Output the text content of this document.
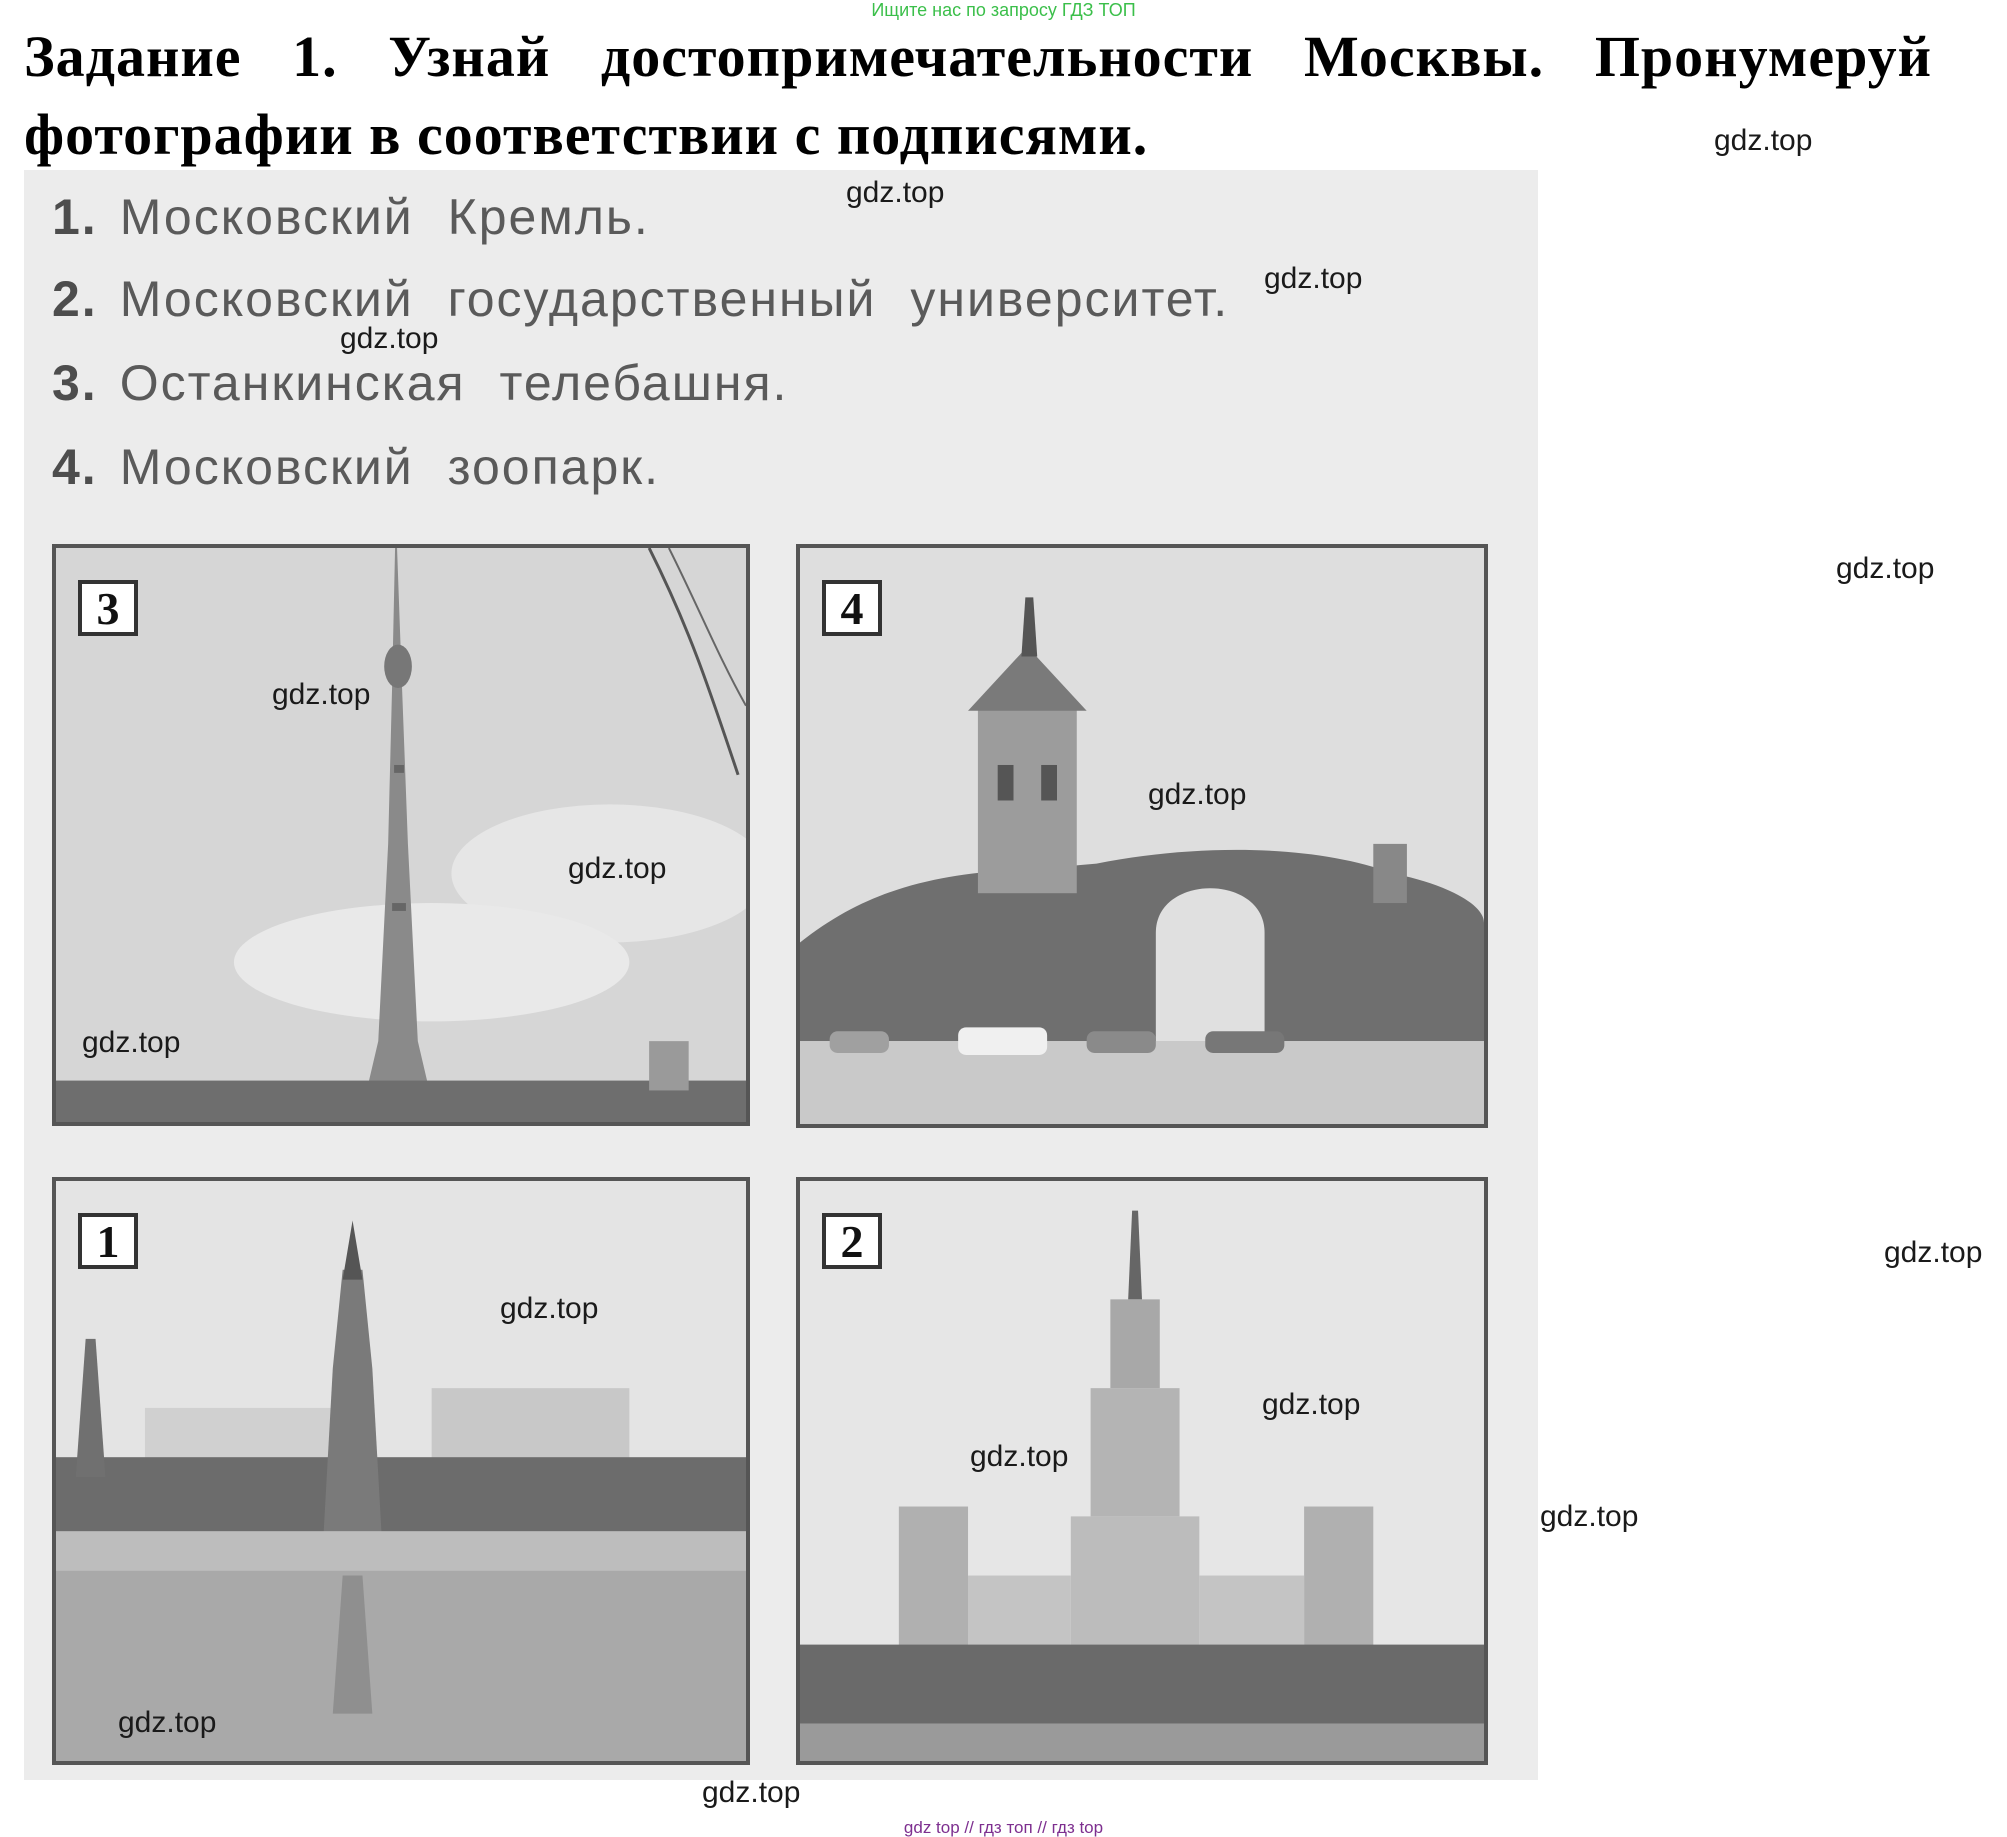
Ищите нас по запросу ГДЗ ТОП
Задание 1. Узнай достопримечательности Москвы. Пронумеруй
фотографии в соответствии с подписями.
1. Московский Кремль.
2. Московский государственный университет.
3. Останкинская телебашня.
4. Московский зоопарк.
3	4
1	2
gdz.top
gdz.top
gdz.top
gdz.top
gdz.top
gdz.top
gdz.top
gdz.top
gdz.top
gdz.top
gdz.top
gdz.top
gdz.top
gdz.top
gdz.top
gdz.top
gdz top // гдз топ // гдз top
